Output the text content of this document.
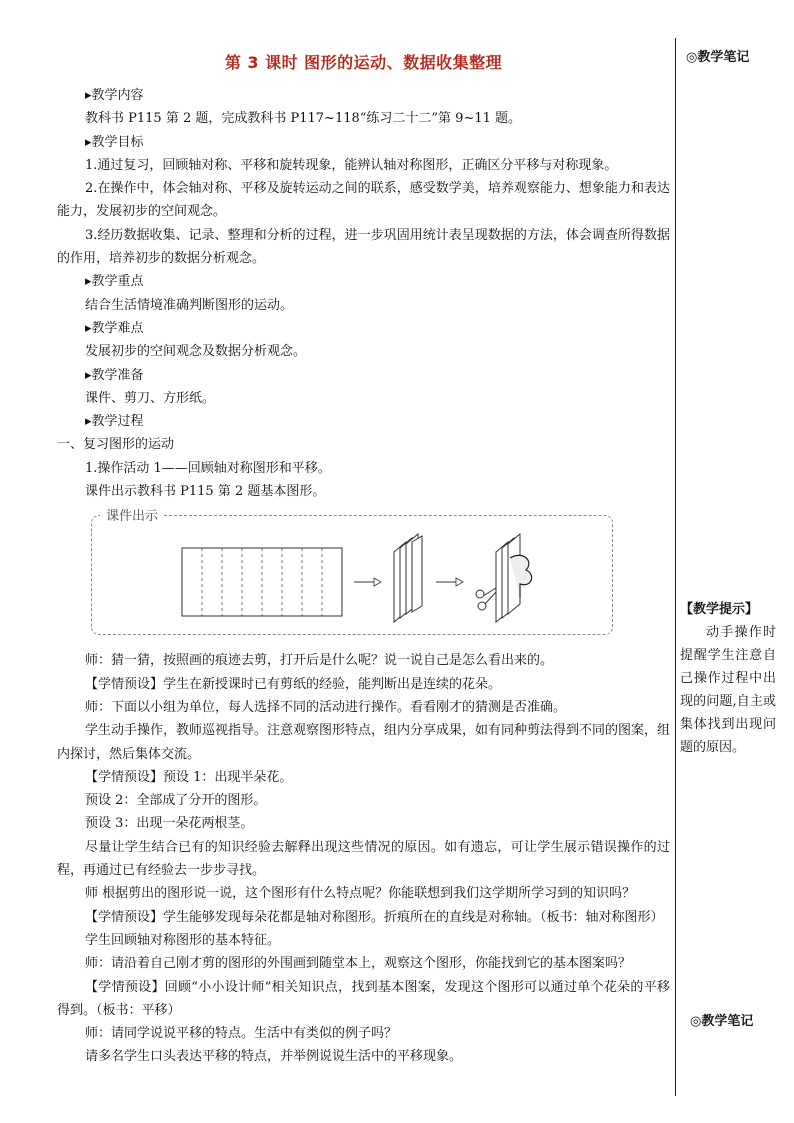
第 3 课时 图形的运动、数据收集整理

▸教学内容

教科书 P115 第 2 题，完成教科书 P117~118“练习二十二”第 9~11 题。

▸教学目标

1.通过复习，回顾轴对称、平移和旋转现象，能辨认轴对称图形，正确区分平移与对称现象。

2.在操作中，体会轴对称、平移及旋转运动之间的联系，感受数学美，培养观察能力、想象能力和表达能力，发展初步的空间观念。

3.经历数据收集、记录、整理和分析的过程，进一步巩固用统计表呈现数据的方法，体会调查所得数据的作用，培养初步的数据分析观念。

▸教学重点

结合生活情境准确判断图形的运动。

▸教学难点

发展初步的空间观念及数据分析观念。

▸教学准备

课件、剪刀、方形纸。

▸教学过程

一、复习图形的运动

1.操作活动 1——回顾轴对称图形和平移。

课件出示教科书 P115 第 2 题基本图形。

课件出示

师：猜一猜，按照画的痕迹去剪，打开后是什么呢？说一说自己是怎么看出来的。

【学情预设】学生在新授课时已有剪纸的经验，能判断出是连续的花朵。

师：下面以小组为单位，每人选择不同的活动进行操作。看看刚才的猜测是否准确。

学生动手操作，教师巡视指导。注意观察图形特点，组内分享成果，如有同种剪法得到不同的图案，组内探讨，然后集体交流。

【学情预设】预设 1：出现半朵花。

预设 2：全部成了分开的图形。

预设 3：出现一朵花两根茎。

尽量让学生结合已有的知识经验去解释出现这些情况的原因。如有遗忘，可让学生展示错误操作的过程，再通过已有经验去一步步寻找。

师 根据剪出的图形说一说，这个图形有什么特点呢？你能联想到我们这学期所学习到的知识吗？

【学情预设】学生能够发现每朵花都是轴对称图形。折痕所在的直线是对称轴。（板书：轴对称图形）

学生回顾轴对称图形的基本特征。

师：请沿着自己刚才剪的图形的外围画到随堂本上，观察这个图形，你能找到它的基本图案吗？

【学情预设】回顾“小小设计师”相关知识点，找到基本图案，发现这个图形可以通过单个花朵的平移得到。（板书：平移）

师：请同学说说平移的特点。生活中有类似的例子吗？

请多名学生口头表达平移的特点，并举例说说生活中的平移现象。

◎教学笔记
【教学提示】

动手操作时提醒学生注意自己操作过程中出现的问题,自主或集体找到出现问题的原因。

◎教学笔记
